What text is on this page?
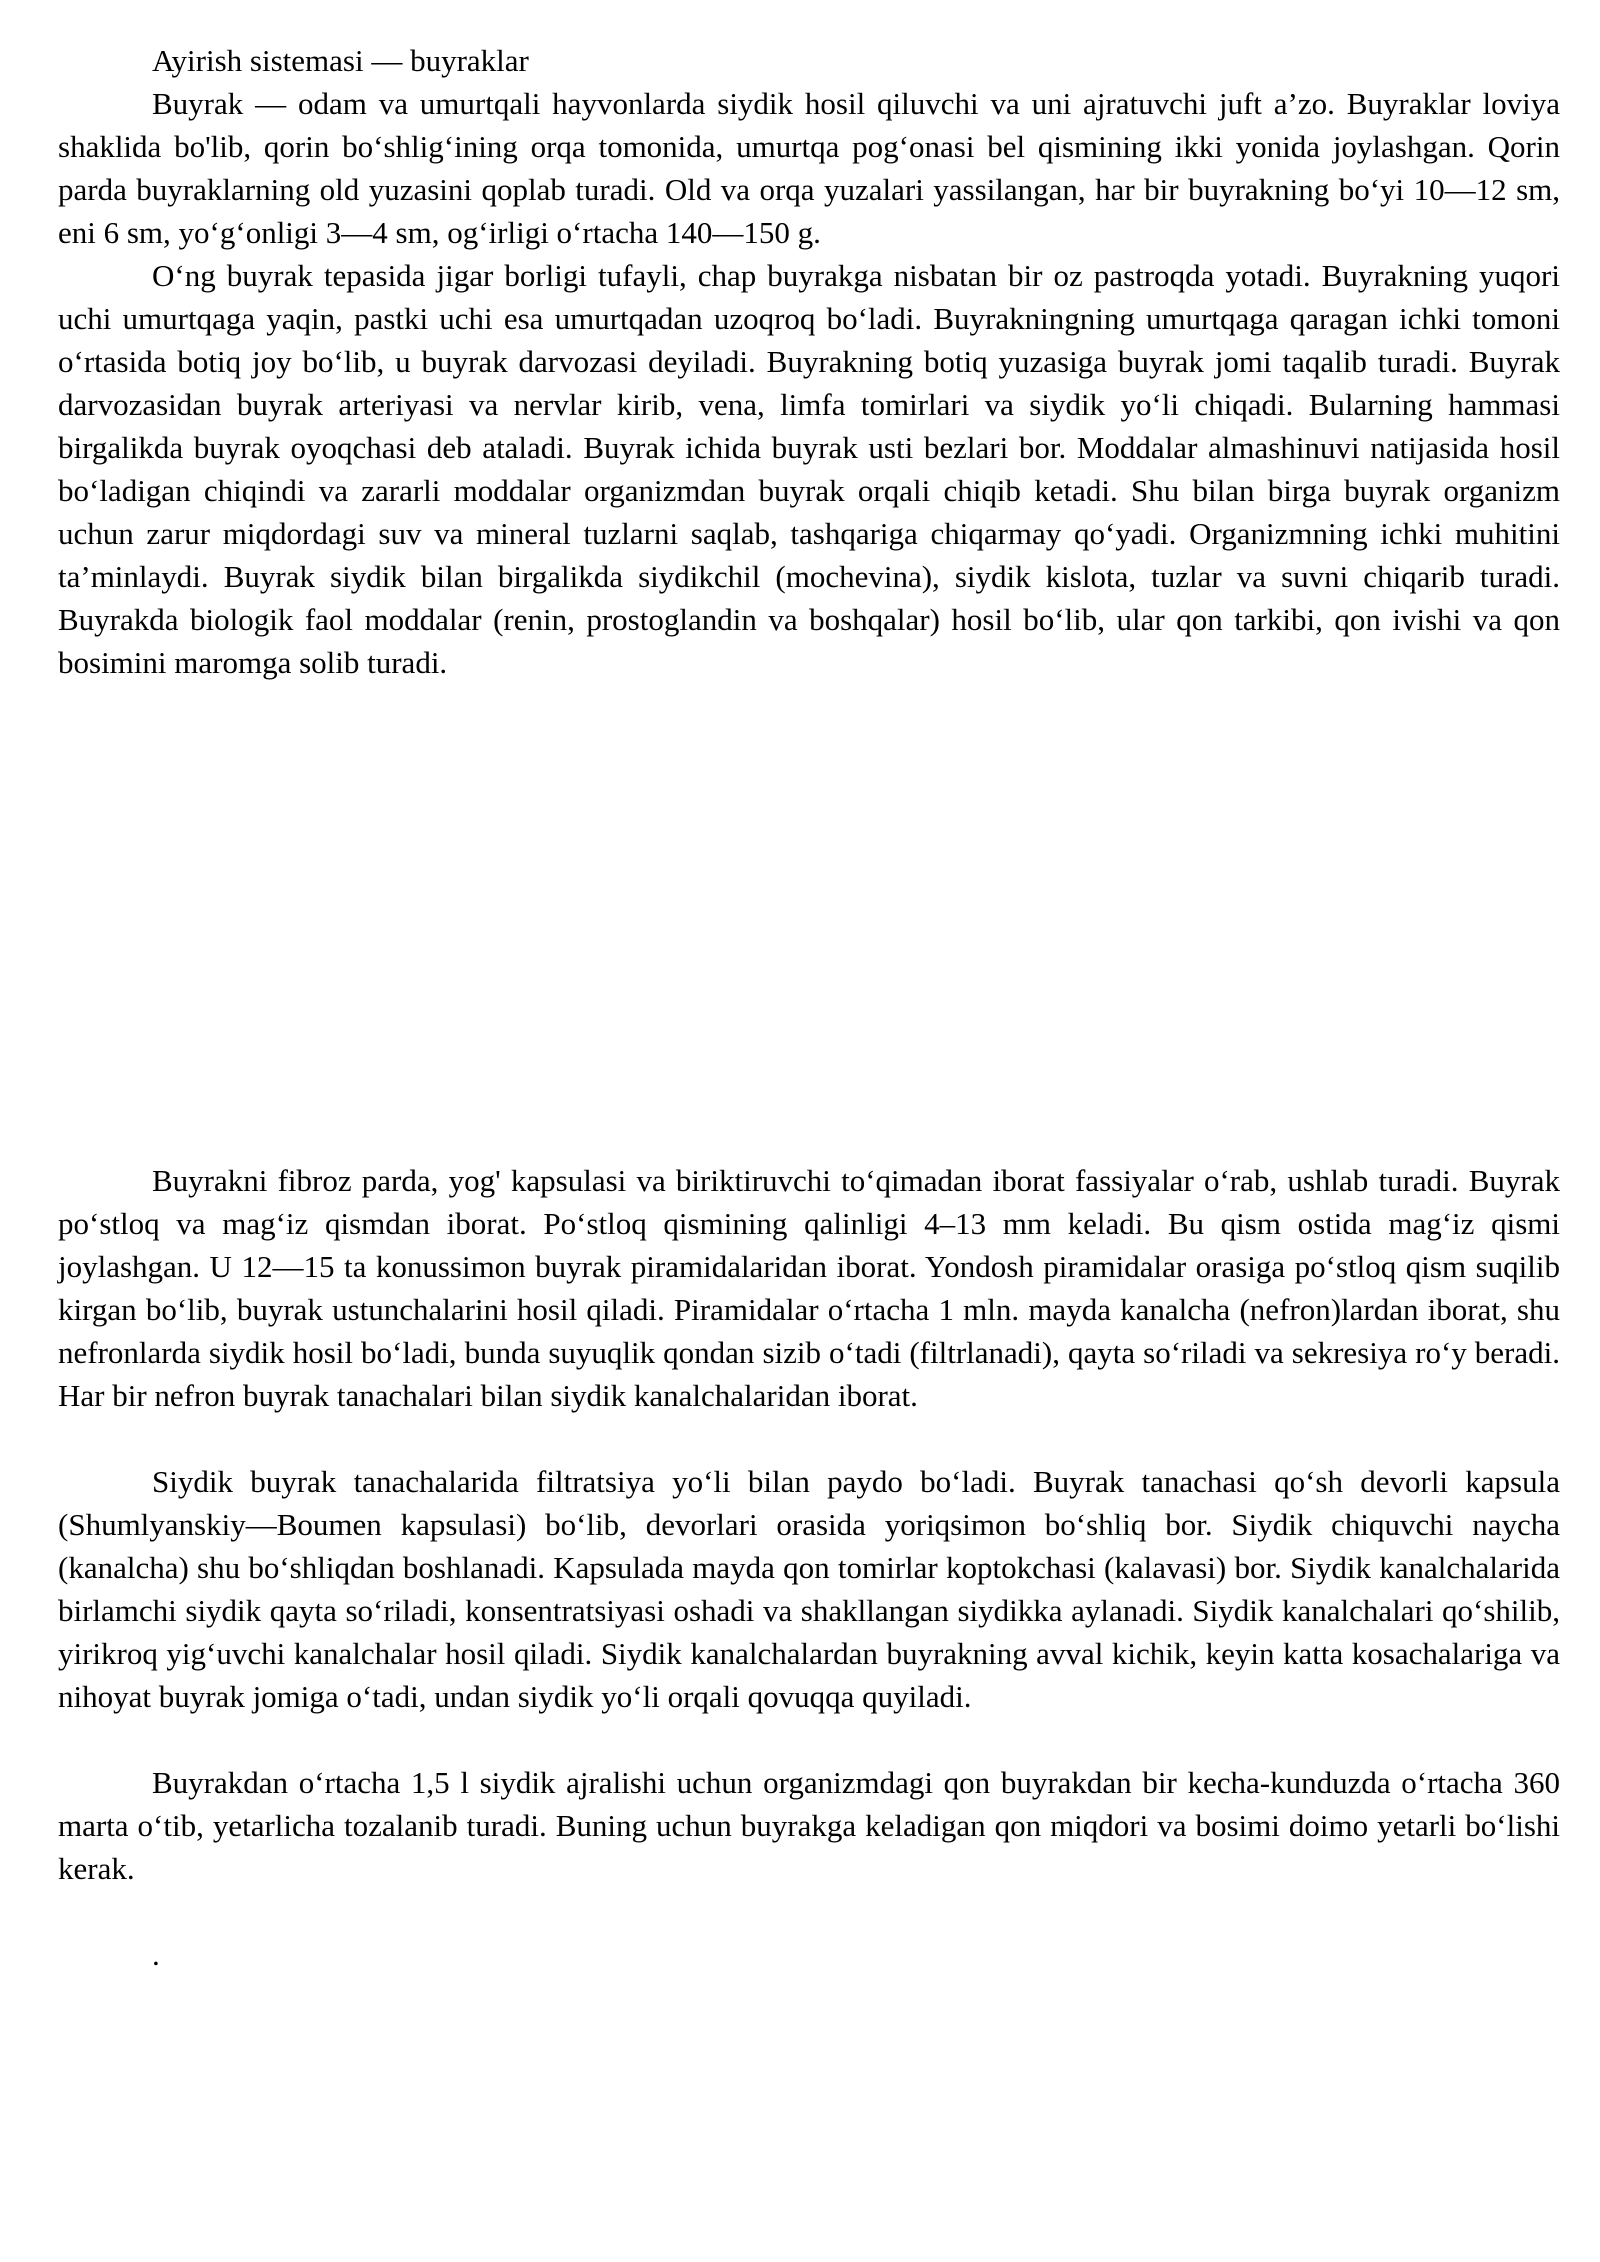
Ayirish sistemasi — buyraklar

Buyrak — odam va umurtqali hayvonlarda siydik hosil qiluvchi va uni ajratuvchi juft a’zo. Buyraklar loviya shaklida bo'lib, qorin bo‘shlig‘ining orqa tomonida, umurtqa pog‘onasi bel qismining ikki yonida joylashgan. Qorin parda buyraklarning old yuzasini qoplab turadi. Old va orqa yuzalari yassilangan, har bir buyrakning bo‘yi 10—12 sm, eni 6 sm, yo‘g‘onligi 3—4 sm, og‘irligi o‘rtacha 140—150 g.

O‘ng buyrak tepasida jigar borligi tufayli, chap buyrakga nisbatan bir oz pastroqda yotadi. Buyrakning yuqori uchi umurtqaga yaqin, pastki uchi esa umurtqadan uzoqroq bo‘ladi. Buyrakningning umurtqaga qaragan ichki tomoni o‘rtasida botiq joy bo‘lib, u buyrak darvozasi deyiladi. Buyrakning botiq yuzasiga buyrak jomi taqalib turadi. Buyrak darvozasidan buyrak arteriyasi va nervlar kirib, vena, limfa tomirlari va siydik yo‘li chiqadi. Bularning hammasi birgalikda buyrak oyoqchasi deb ataladi. Buyrak ichida buyrak usti bezlari bor. Moddalar almashinuvi natijasida hosil bo‘ladigan chiqindi va zararli moddalar organizmdan buyrak orqali chiqib ketadi. Shu bilan birga buyrak organizm uchun zarur miqdordagi suv va mineral tuzlarni saqlab, tashqariga chiqarmay qo‘yadi. Organizmning ichki muhitini ta’minlaydi. Buyrak siydik bilan birgalikda siydikchil (mochevina), siydik kislota, tuzlar va suvni chiqarib turadi. Buyrakda biologik faol moddalar (renin, prostoglandin va boshqalar) hosil bo‘lib, ular qon tarkibi, qon ivishi va qon bosimini maromga solib turadi.

Buyrakni fibroz parda, yog' kapsulasi va biriktiruvchi to‘qimadan iborat fassiyalar o‘rab, ushlab turadi. Buyrak po‘stloq va mag‘iz qismdan iborat. Po‘stloq qismining qalinligi 4–13 mm keladi. Bu qism ostida mag‘iz qismi joylashgan. U 12—15 ta konussimon buyrak piramidalaridan iborat. Yondosh piramidalar orasiga po‘stloq qism suqilib kirgan bo‘lib, buyrak ustunchalarini hosil qiladi. Piramidalar o‘rtacha 1 mln. mayda kanalcha (nefron)lardan iborat, shu nefronlarda siydik hosil bo‘ladi, bunda suyuqlik qondan sizib o‘tadi (filtrlanadi), qayta so‘riladi va sekresiya ro‘y beradi. Har bir nefron buyrak tanachalari bilan siydik kanalchalaridan iborat.

Siydik buyrak tanachalarida filtratsiya yo‘li bilan paydo bo‘ladi. Buyrak tanachasi qo‘sh devorli kapsula (Shumlyanskiy—Boumen kapsulasi) bo‘lib, devorlari orasida yoriqsimon bo‘shliq bor. Siydik chiquvchi naycha (kanalcha) shu bo‘shliqdan boshlanadi. Kapsulada mayda qon tomirlar koptokchasi (kalavasi) bor. Siydik kanalchalarida birlamchi siydik qayta so‘riladi, konsentratsiyasi oshadi va shakllangan siydikka aylanadi. Siydik kanalchalari qo‘shilib, yirikroq yig‘uvchi kanalchalar hosil qiladi. Siydik kanalchalardan buyrakning avval kichik, keyin katta kosachalariga va nihoyat buyrak jomiga o‘tadi, undan siydik yo‘li orqali qovuqqa quyiladi.

Buyrakdan o‘rtacha 1,5 l siydik ajralishi uchun organizmdagi qon buyrakdan bir kecha-kunduzda o‘rtacha 360 marta o‘tib, yetarlicha tozalanib turadi. Buning uchun buyrakga keladigan qon miqdori va bosimi doimo yetarli bo‘lishi kerak.

.
